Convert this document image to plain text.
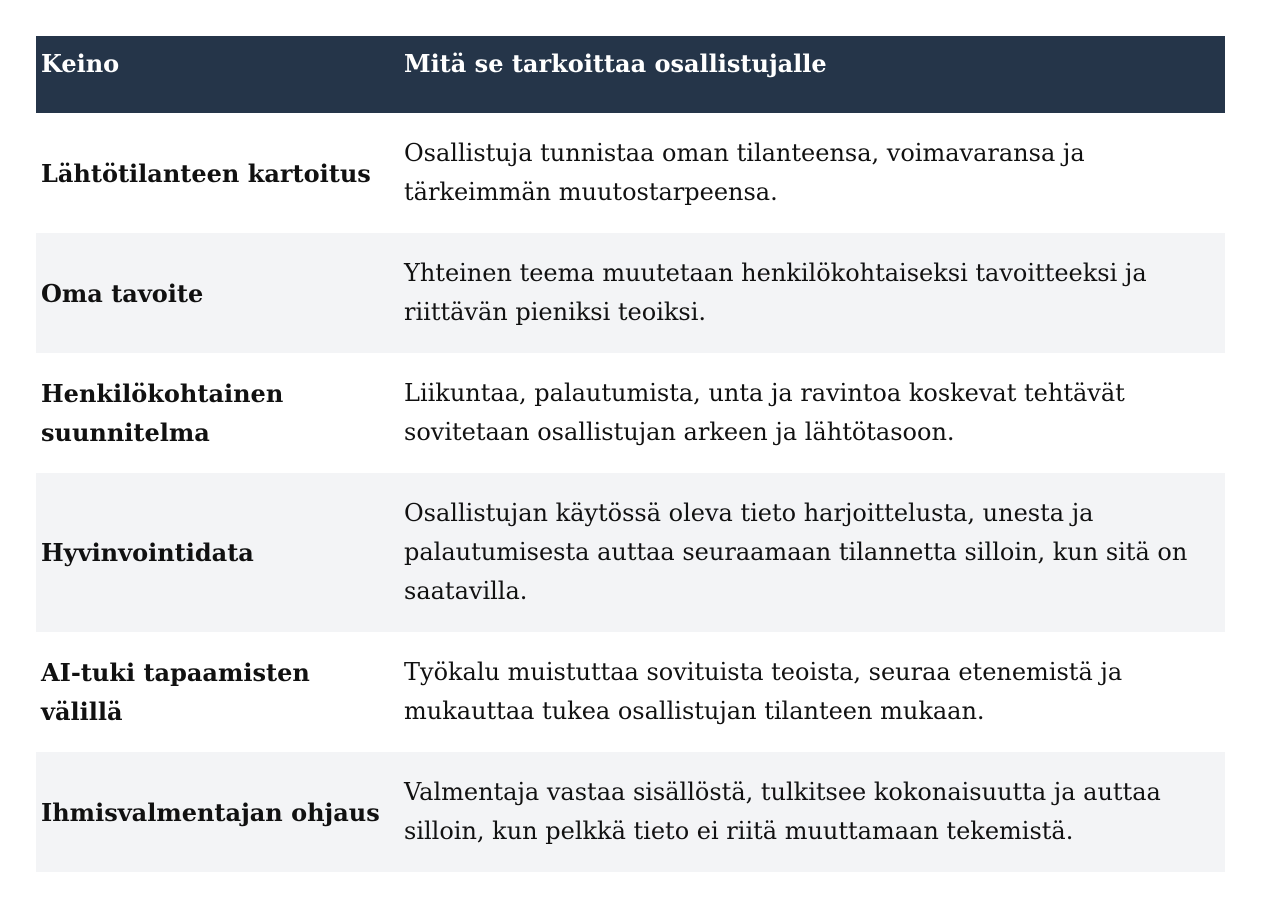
Keino	Mitä se tarkoittaa osallistujalle
Lähtötilanteen kartoitus	Osallistuja tunnistaa oman tilanteensa, voimavaransa ja tärkeimmän muutostarpeensa.
Oma tavoite	Yhteinen teema muutetaan henkilökohtaiseksi tavoitteeksi ja riittävän pieniksi teoiksi.
Henkilökohtainen suunnitelma	Liikuntaa, palautumista, unta ja ravintoa koskevat tehtävät sovitetaan osallistujan arkeen ja lähtötasoon.
Hyvinvointidata	Osallistujan käytössä oleva tieto harjoittelusta, unesta ja palautumisesta auttaa seuraamaan tilannetta silloin, kun sitä on saatavilla.
AI-tuki tapaamisten välillä	Työkalu muistuttaa sovituista teoista, seuraa etenemistä ja mukauttaa tukea osallistujan tilanteen mukaan.
Ihmisvalmentajan ohjaus	Valmentaja vastaa sisällöstä, tulkitsee kokonaisuutta ja auttaa silloin, kun pelkkä tieto ei riitä muuttamaan tekemistä.
